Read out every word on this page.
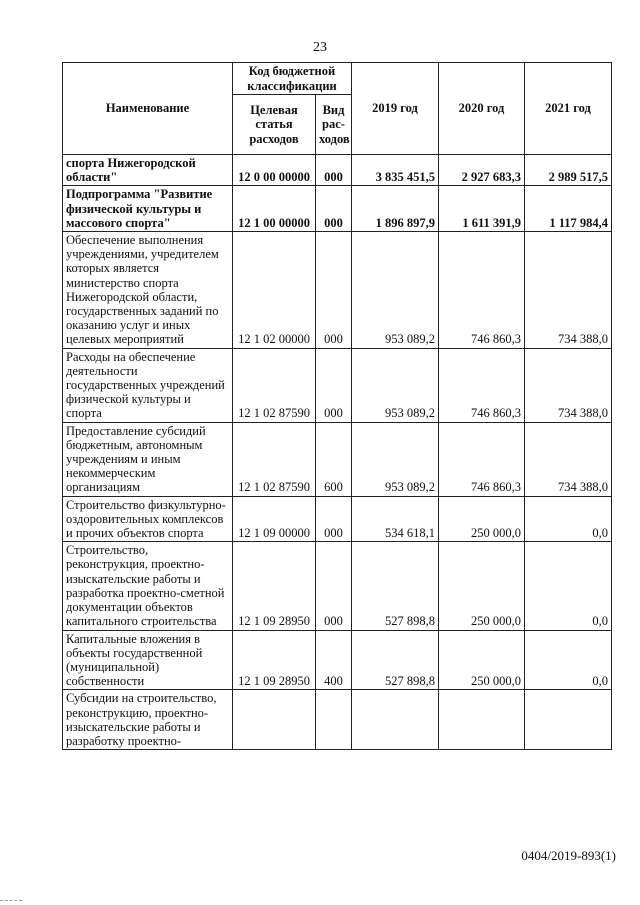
23
Наименование	Код бюджетной классификации		2019 год	2020 год	2021 год
	Целевая статья расходов	Вид рас-ходов			
спорта Нижегородской области"	12 0 00 00000	000	3 835 451,5	2 927 683,3	2 989 517,5
Подпрограмма "Развитие физической культуры и массового спорта"	12 1 00 00000	000	1 896 897,9	1 611 391,9	1 117 984,4
Обеспечение выполнения учреждениями, учредителем которых является министерство спорта Нижегородской области, государственных заданий по оказанию услуг и иных целевых мероприятий	12 1 02 00000	000	953 089,2	746 860,3	734 388,0
Расходы на обеспечение деятельности государственных учреждений физической культуры и спорта	12 1 02 87590	000	953 089,2	746 860,3	734 388,0
Предоставление субсидий бюджетным, автономным учреждениям и иным некоммерческим организациям	12 1 02 87590	600	953 089,2	746 860,3	734 388,0
Строительство физкультурно-оздоровительных комплексов и прочих объектов спорта	12 1 09 00000	000	534 618,1	250 000,0	0,0
Строительство, реконструкция, проектно-изыскательские работы и разработка проектно-сметной документации объектов капитального строительства	12 1 09 28950	000	527 898,8	250 000,0	0,0
Капитальные вложения в объекты государственной (муниципальной) собственности	12 1 09 28950	400	527 898,8	250 000,0	0,0
Субсидии на строительство, реконструкцию, проектно-изыскательские работы и разработку проектно-					
0404/2019-893(1)
